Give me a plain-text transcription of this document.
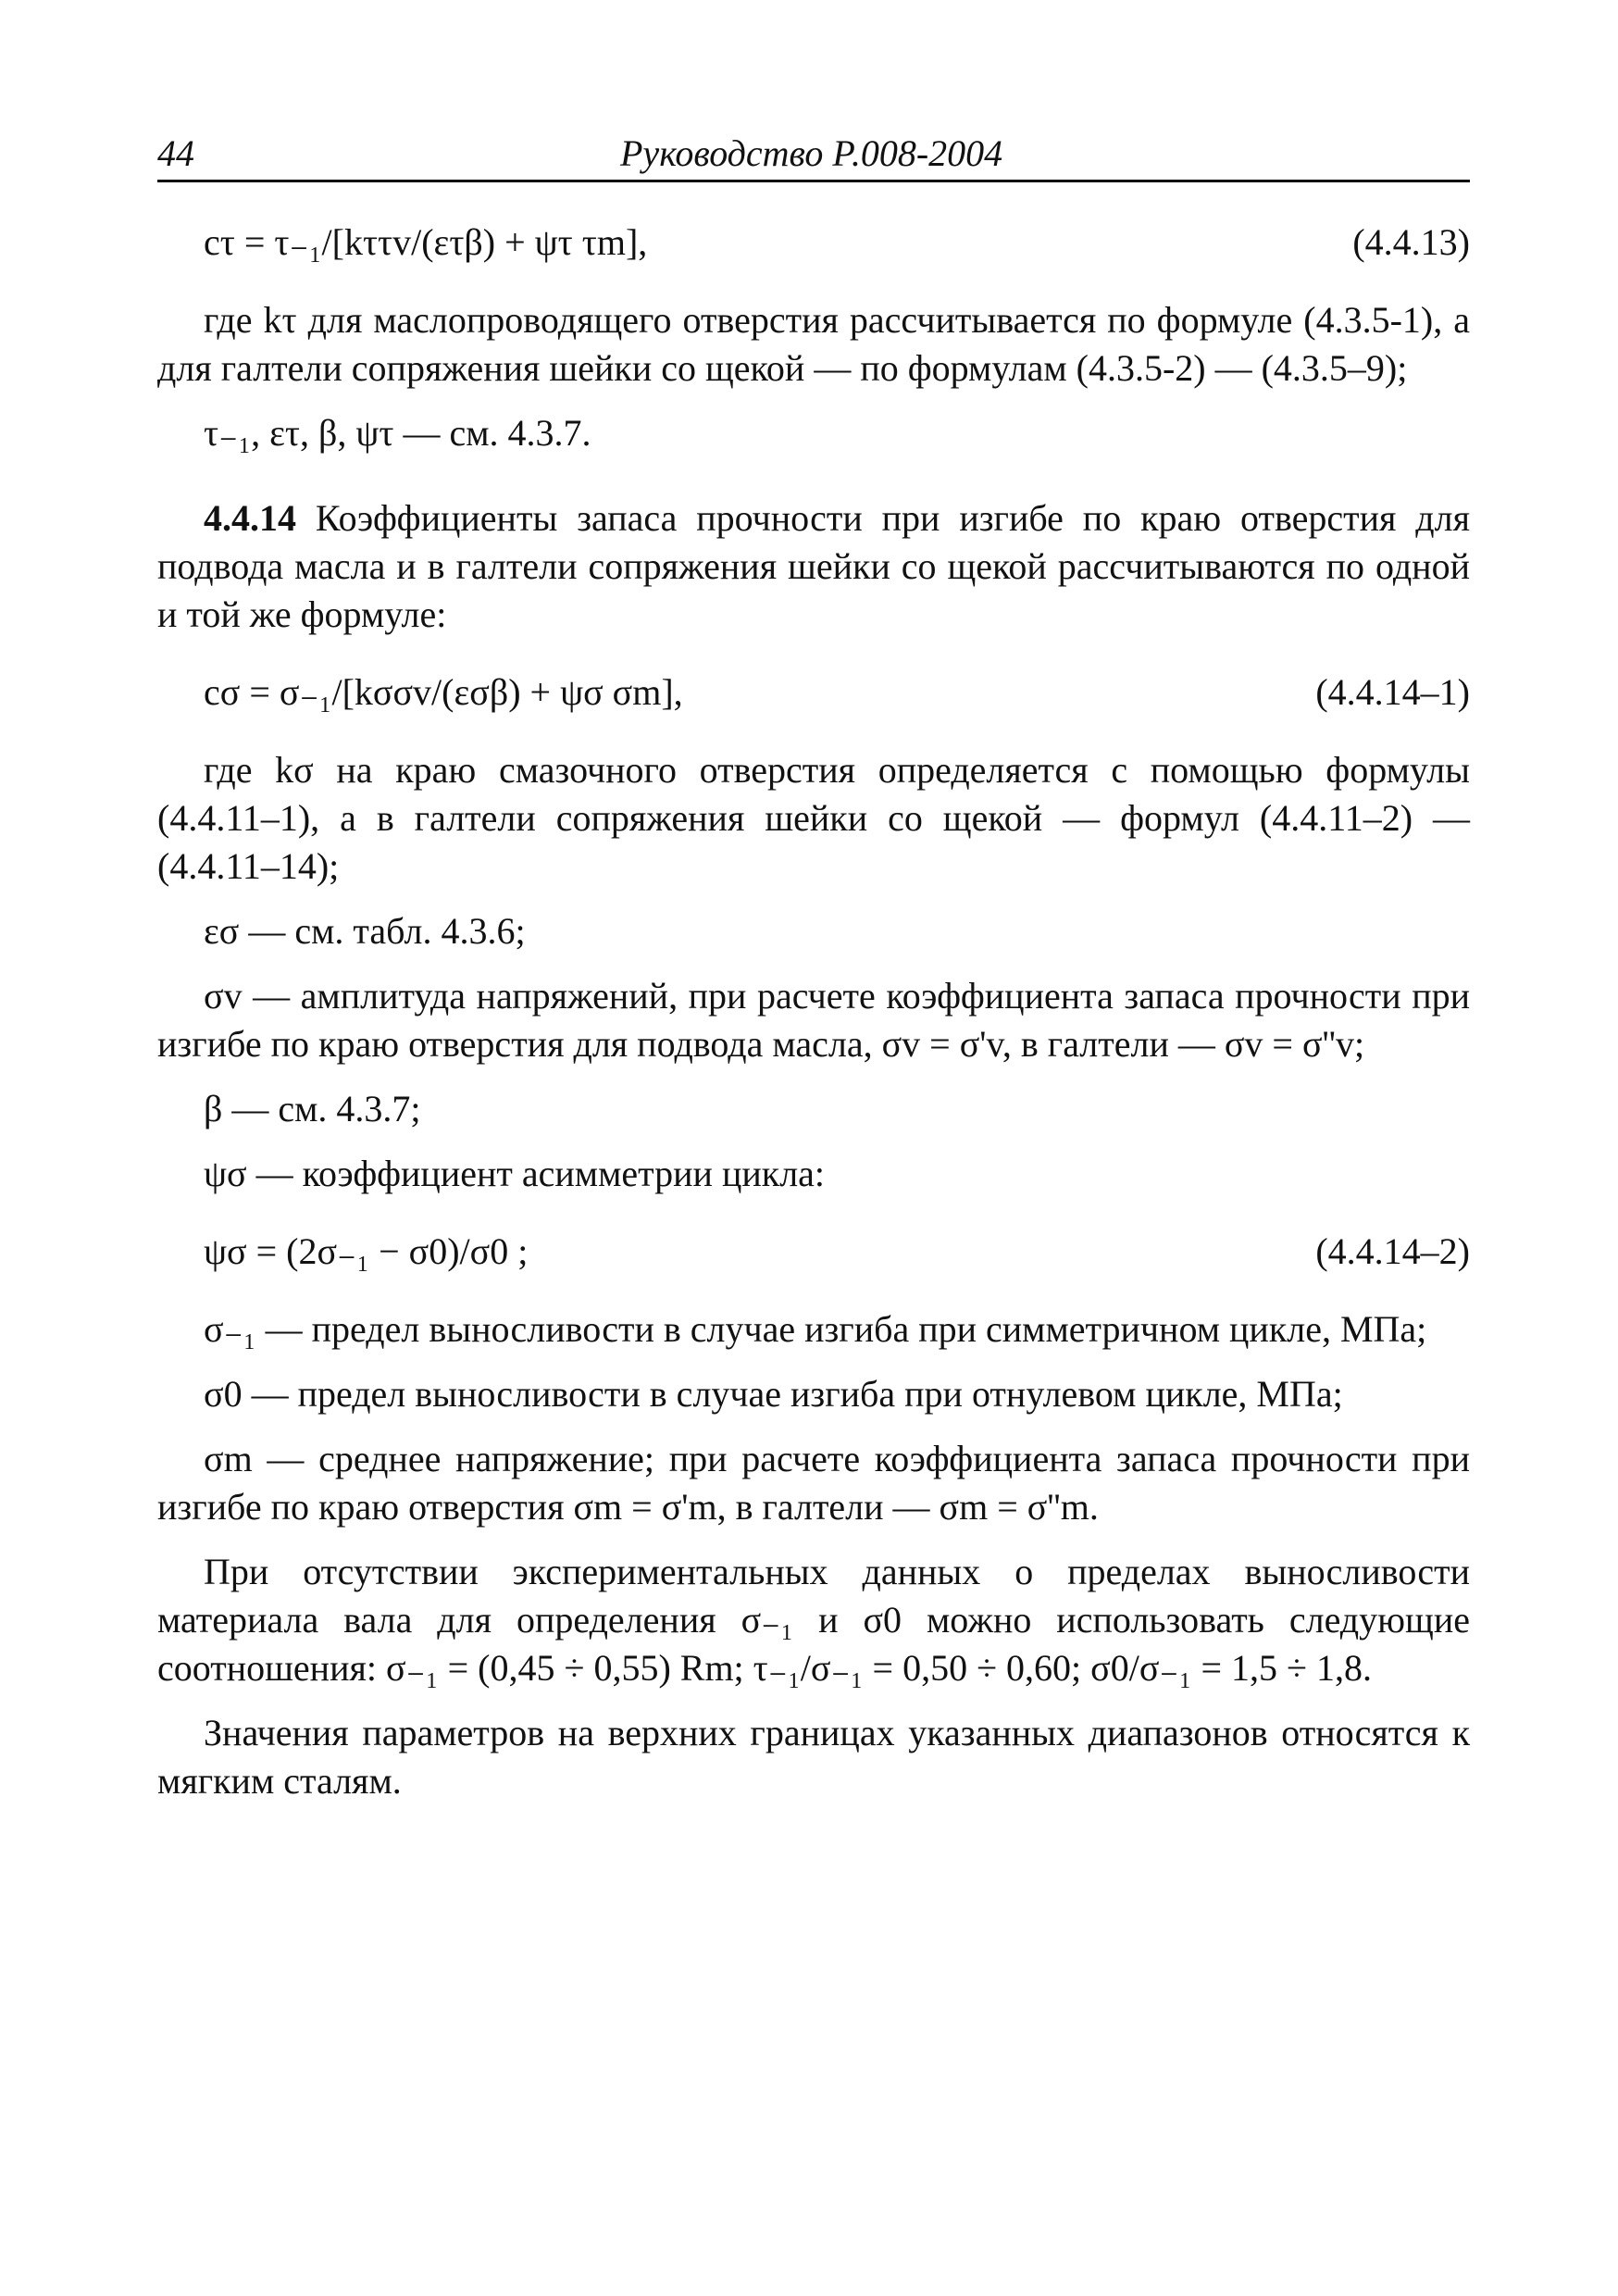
44	Руководство Р.008-2004
cτ = τ₋₁/[kττv/(ετβ) + ψτ τm],	(4.4.13)
где kτ для маслопроводящего отверстия рассчитывается по формуле (4.3.5-1), а для галтели сопряжения шейки со щекой — по формулам (4.3.5-2) — (4.3.5–9);
τ₋₁, ετ, β, ψτ — см. 4.3.7.
4.4.14 Коэффициенты запаса прочности при изгибе по краю отверстия для подвода масла и в галтели сопряжения шейки со щекой рассчитываются по одной и той же формуле:
cσ = σ₋₁/[kσσv/(εσβ) + ψσ σm],	(4.4.14–1)
где kσ на краю смазочного отверстия определяется с помощью формулы (4.4.11–1), а в галтели сопряжения шейки со щекой — формул (4.4.11–2) — (4.4.11–14);
εσ — см. табл. 4.3.6;
σv — амплитуда напряжений, при расчете коэффициента запаса прочности при изгибе по краю отверстия для подвода масла, σv = σ'v, в галтели — σv = σ''v;
β — см. 4.3.7;
ψσ — коэффициент асимметрии цикла:
ψσ = (2σ₋₁ − σ0)/σ0 ;	(4.4.14–2)
σ₋₁ — предел выносливости в случае изгиба при симметричном цикле, МПа;
σ0 — предел выносливости в случае изгиба при отнулевом цикле, МПа;
σm — среднее напряжение; при расчете коэффициента запаса прочности при изгибе по краю отверстия σm = σ'm, в галтели — σm = σ''m.
При отсутствии экспериментальных данных о пределах выносливости материала вала для определения σ₋₁ и σ0 можно использовать следующие соотношения: σ₋₁ = (0,45 ÷ 0,55) Rm; τ₋₁/σ₋₁ = 0,50 ÷ 0,60; σ0/σ₋₁ = 1,5 ÷ 1,8.
Значения параметров на верхних границах указанных диапазонов относятся к мягким сталям.
